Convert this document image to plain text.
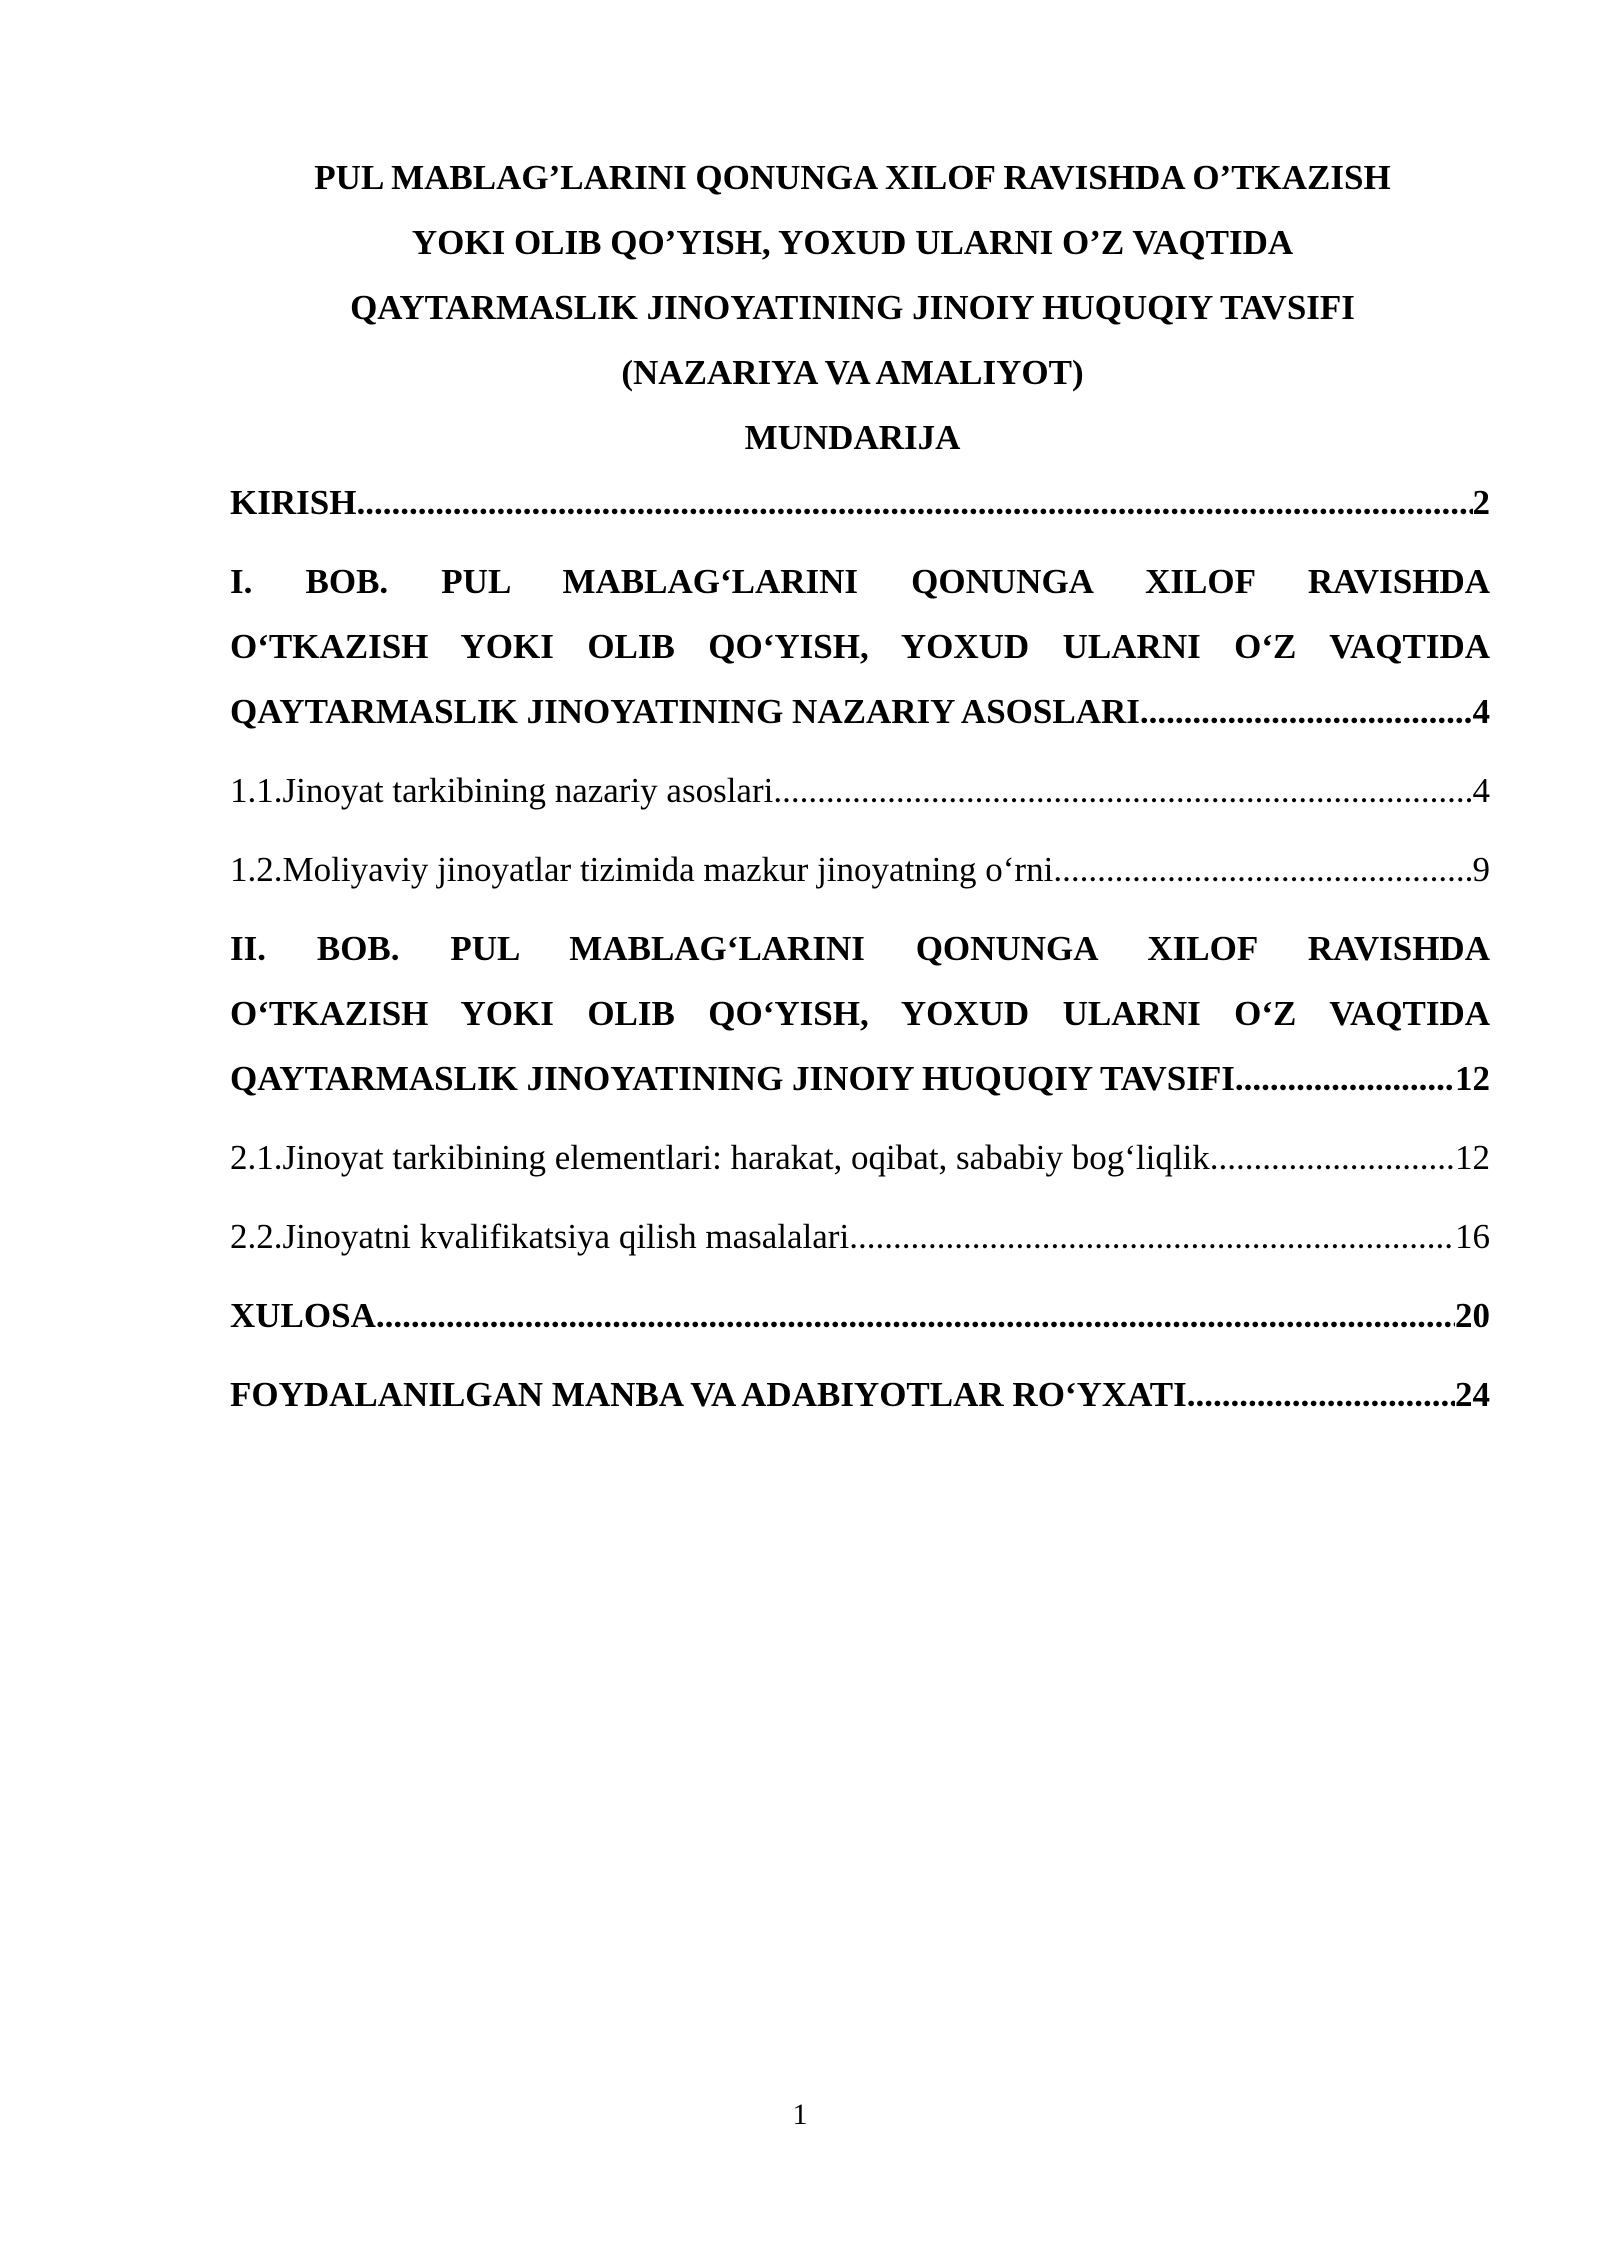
PUL MABLAG’LARINI QONUNGA XILOF RAVISHDA O’TKAZISH
YOKI OLIB QO’YISH, YOXUD ULARNI O’Z VAQTIDA
QAYTARMASLIK JINOYATINING JINOIY HUQUQIY TAVSIFI
(NAZARIYA VA AMALIYOT)
MUNDARIJA
KIRISH .....	2
I. BOB. PUL MABLAG‘LARINI QONUNGA XILOF RAVISHDA
O‘TKAZISH YOKI OLIB QO‘YISH, YOXUD ULARNI O‘Z VAQTIDA
QAYTARMASLIK JINOYATINING NAZARIY ASOSLARI .....	4
1.1.Jinoyat tarkibining nazariy asoslari .....	4
1.2.Moliyaviy jinoyatlar tizimida mazkur jinoyatning o‘rni .....	9
II. BOB. PUL MABLAG‘LARINI QONUNGA XILOF RAVISHDA
O‘TKAZISH YOKI OLIB QO‘YISH, YOXUD ULARNI O‘Z VAQTIDA
QAYTARMASLIK JINOYATINING JINOIY HUQUQIY TAVSIFI .....	12
2.1.Jinoyat tarkibining elementlari: harakat, oqibat, sababiy bog‘liqlik .....	12
2.2.Jinoyatni kvalifikatsiya qilish masalalari .....	16
XULOSA .....	20
FOYDALANILGAN MANBA VA ADABIYOTLAR RO‘YXATI .....	24
1
